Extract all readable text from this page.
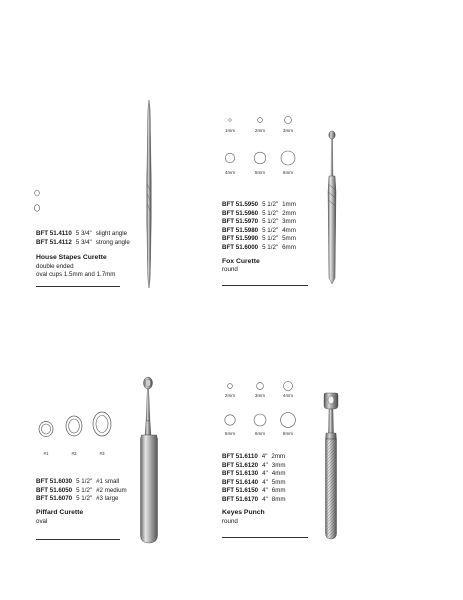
BFT 51.4110 5 3/4" slight angle
BFT 51.4112 5 3/4" strong angle
House Stapes Curette
double ended
oval cups 1.5mm and 1.7mm
1mm	2mm	3mm
4mm	5mm	6mm
BFT 51.5950 5 1/2" 1mm
BFT 51.5960 5 1/2" 2mm
BFT 51.5970 5 1/2" 3mm
BFT 51.5980 5 1/2" 4mm
BFT 51.5990 5 1/2" 5mm
BFT 51.6000 5 1/2" 6mm
Fox Curette
round
#1	#2	#3
BFT 51.6030 5 1/2" #1 small
BFT 51.6050 5 1/2" #2 medium
BFT 51.6070 5 1/2" #3 large
Piffard Curette
oval
2mm	3mm	4mm
5mm	6mm	8mm
BFT 51.6110 4" 2mm
BFT 51.6120 4" 3mm
BFT 51.6130 4" 4mm
BFT 51.6140 4" 5mm
BFT 51.6150 4" 6mm
BFT 51.6170 4" 8mm
Keyes Punch
round
